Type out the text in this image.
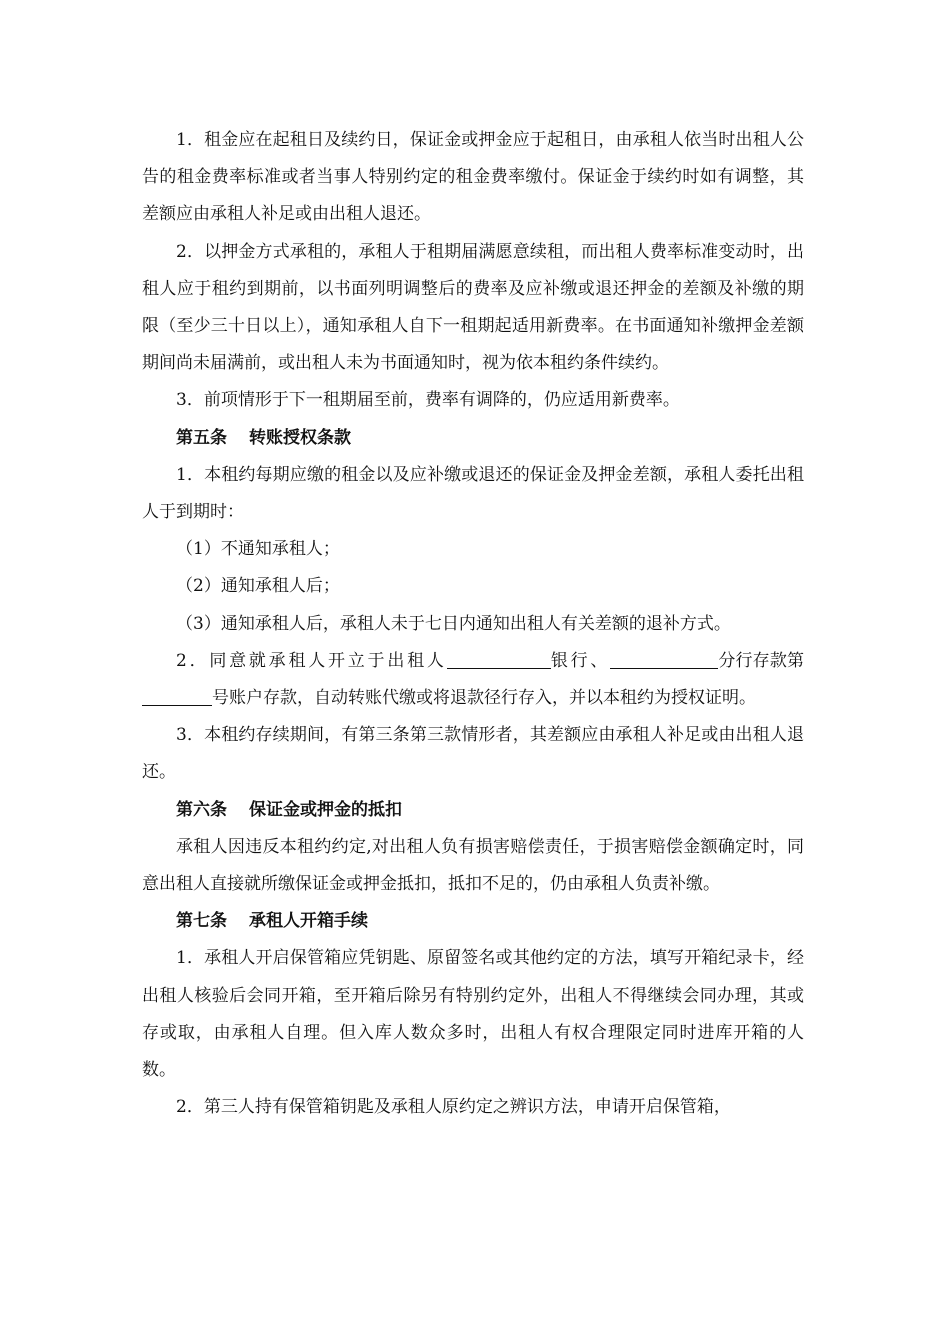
1．租金应在起租日及续约日，保证金或押金应于起租日，由承租人依当时出租人公告的租金费率标准或者当事人特别约定的租金费率缴付。保证金于续约时如有调整，其差额应由承租人补足或由出租人退还。

2．以押金方式承租的，承租人于租期届满愿意续租，而出租人费率标准变动时，出租人应于租约到期前，以书面列明调整后的费率及应补缴或退还押金的差额及补缴的期限（至少三十日以上），通知承租人自下一租期起适用新费率。在书面通知补缴押金差额期间尚未届满前，或出租人未为书面通知时，视为依本租约条件续约。

3．前项情形于下一租期届至前，费率有调降的，仍应适用新费率。

第五条 转账授权条款

1．本租约每期应缴的租金以及应补缴或退还的保证金及押金差额，承租人委托出租人于到期时：

（1）不通知承租人；

（2）通知承租人后；

（3）通知承租人后，承租人未于七日内通知出租人有关差额的退补方式。

2．同意就承租人开立于出租人	银行、	分行存款第号账户存款，自动转账代缴或将退款径行存入，并以本租约为授权证明。

3．本租约存续期间，有第三条第三款情形者，其差额应由承租人补足或由出租人退还。

第六条 保证金或押金的抵扣

承租人因违反本租约约定,对出租人负有损害赔偿责任，于损害赔偿金额确定时，同意出租人直接就所缴保证金或押金抵扣，抵扣不足的，仍由承租人负责补缴。

第七条 承租人开箱手续

1．承租人开启保管箱应凭钥匙、原留签名或其他约定的方法，填写开箱纪录卡，经出租人核验后会同开箱，至开箱后除另有特别约定外，出租人不得继续会同办理，其或存或取，由承租人自理。但入库人数众多时，出租人有权合理限定同时进库开箱的人数。

2．第三人持有保管箱钥匙及承租人原约定之辨识方法，申请开启保管箱，
